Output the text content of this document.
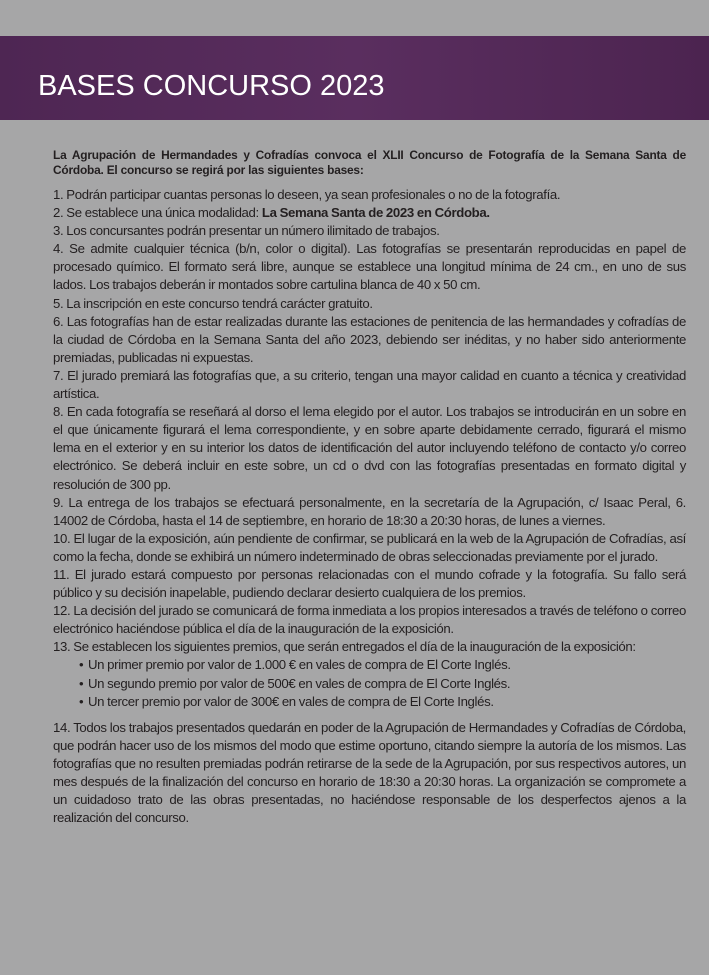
BASES CONCURSO 2023

La Agrupación de Hermandades y Cofradías convoca el XLII Concurso de Fotografía de la Semana Santa de Córdoba. El concurso se regirá por las siguientes bases:

1. Podrán participar cuantas personas lo deseen, ya sean profesionales o no de la fotografía.

2. Se establece una única modalidad: La Semana Santa de 2023 en Córdoba.

3. Los concursantes podrán presentar un número ilimitado de trabajos.

4. Se admite cualquier técnica (b/n, color o digital). Las fotografías se presentarán reproducidas en papel de procesado químico. El formato será libre, aunque se establece una longitud mínima de 24 cm., en uno de sus lados. Los trabajos deberán ir montados sobre cartulina blanca de 40 x 50 cm.

5. La inscripción en este concurso tendrá carácter gratuito.

6. Las fotografías han de estar realizadas durante las estaciones de penitencia de las hermandades y cofradías de la ciudad de Córdoba en la Semana Santa del año 2023, debiendo ser inéditas, y no haber sido anteriormente premiadas, publicadas ni expuestas.

7. El jurado premiará las fotografías que, a su criterio, tengan una mayor calidad en cuanto a técnica y creatividad artística.

8. En cada fotografía se reseñará al dorso el lema elegido por el autor. Los trabajos se introducirán en un sobre en el que únicamente figurará el lema correspondiente, y en sobre aparte debidamente cerrado, figurará el mismo lema en el exterior y en su interior los datos de identificación del autor incluyendo teléfono de contacto y/o correo electrónico. Se deberá incluir en este sobre, un cd o dvd con las fotografías presentadas en formato digital y resolución de 300 pp.

9. La entrega de los trabajos se efectuará personalmente, en la secretaría de la Agrupación, c/ Isaac Peral, 6. 14002 de Córdoba, hasta el 14 de septiembre, en horario de 18:30 a 20:30 horas, de lunes a viernes.

10. El lugar de la exposición, aún pendiente de confirmar, se publicará en la web de la Agrupación de Cofradías, así como la fecha, donde se exhibirá un número indeterminado de obras seleccionadas previamente por el jurado.

11. El jurado estará compuesto por personas relacionadas con el mundo cofrade y la fotografía. Su fallo será público y su decisión inapelable, pudiendo declarar desierto cualquiera de los premios.

12. La decisión del jurado se comunicará de forma inmediata a los propios interesados a través de teléfono o correo electrónico haciéndose pública el día de la inauguración de la exposición.

13. Se establecen los siguientes premios, que serán entregados el día de la inauguración de la exposición:

• Un primer premio por valor de 1.000 € en vales de compra de El Corte Inglés.
• Un segundo premio por valor de 500€ en vales de compra de El Corte Inglés.
• Un tercer premio por valor de 300€ en vales de compra de El Corte Inglés.

14. Todos los trabajos presentados quedarán en poder de la Agrupación de Hermandades y Cofradías de Córdoba, que podrán hacer uso de los mismos del modo que estime oportuno, citando siempre la autoría de los mismos. Las fotografías que no resulten premiadas podrán retirarse de la sede de la Agrupación, por sus respectivos autores, un mes después de la finalización del concurso en horario de 18:30 a 20:30 horas. La organización se compromete a un cuidadoso trato de las obras presentadas, no haciéndose responsable de los desperfectos ajenos a la realización del concurso.
